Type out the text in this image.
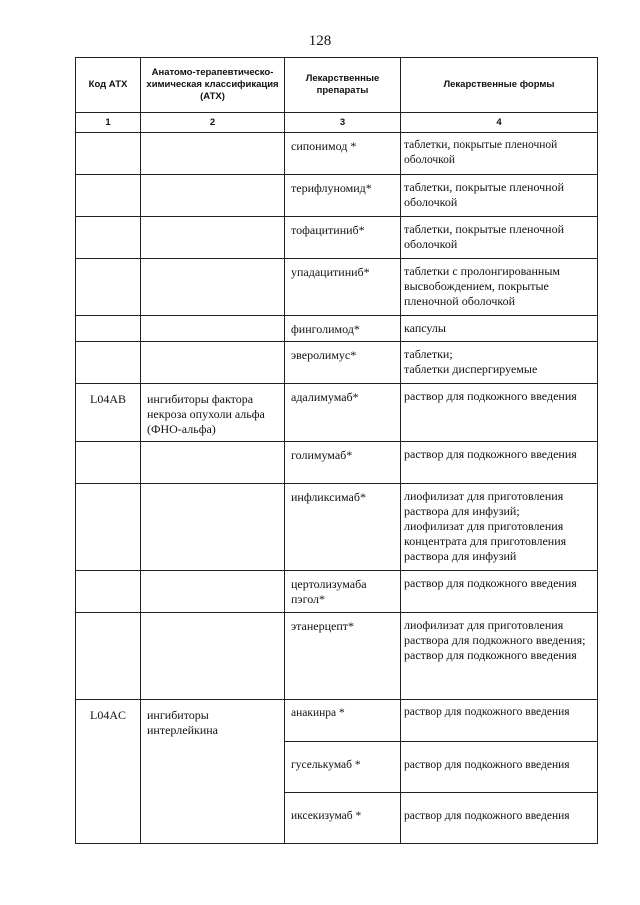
128
Код АТХ	Анатомо-терапевтическо-химическая классификация (АТХ)	Лекарственные препараты	Лекарственные формы
1	2	3	4
		сипонимод *	таблетки, покрытые пленочной оболочкой

		терифлуномид*	таблетки, покрытые пленочной оболочкой

		тофацитиниб*	таблетки, покрытые пленочной оболочкой

		упадацитиниб*	таблетки с пролонгированным высвобождением, покрытые пленочной оболочкой

		финголимод*	капсулы

		эверолимус*	таблетки;
таблетки диспергируемые

L04AB	ингибиторы фактора некроза опухоли альфа (ФНО-альфа)	адалимумаб*	раствор для подкожного введения

		голимумаб*	раствор для подкожного введения

		инфликсимаб*	лиофилизат для приготовления раствора для инфузий;
лиофилизат для приготовления концентрата для приготовления раствора для инфузий

		цертолизумаба пэгол*	раствор для подкожного введения

		этанерцепт*	лиофилизат для приготовления раствора для подкожного введения;
раствор для подкожного введения

L04AC	ингибиторы интерлейкина	анакинра *	раствор для подкожного введения

		гуселькумаб *	раствор для подкожного введения

		иксекизумаб *	раствор для подкожного введения
